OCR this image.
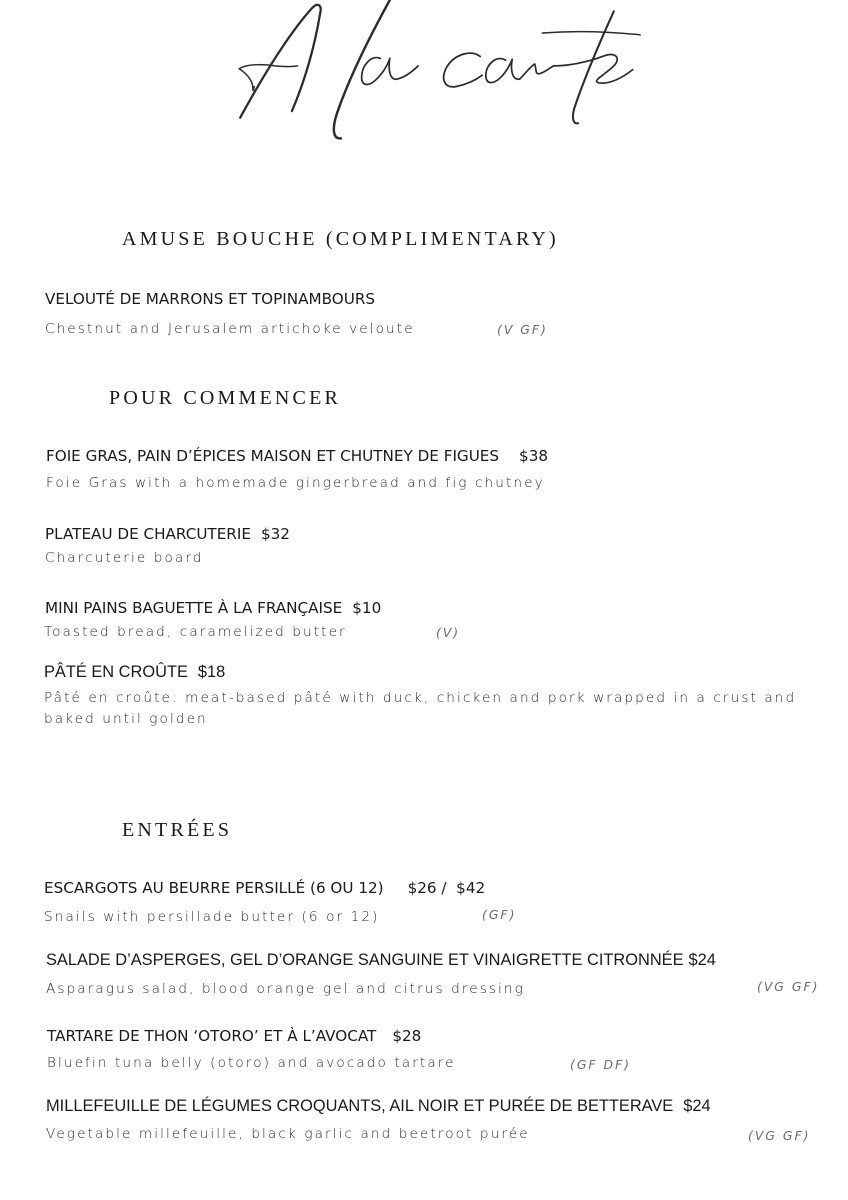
AMUSE BOUCHE (COMPLIMENTARY)
VELOUTÉ DE MARRONS ET TOPINAMBOURS
Chestnut and Jerusalem artichoke veloute	(V GF)
POUR COMMENCER
FOIE GRAS, PAIN D’ÉPICES MAISON ET CHUTNEY DE FIGUES $38
Foie Gras with a homemade gingerbread and fig chutney
PLATEAU DE CHARCUTERIE $32
Charcuterie board
MINI PAINS BAGUETTE À LA FRANÇAISE $10
Toasted bread, caramelized butter	(V)
PÂTÉ EN CROÛTE $18
Pâté en croûte: meat-based pâté with duck, chicken and pork wrapped in a crust and baked until golden
ENTRÉES
ESCARGOTS AU BEURRE PERSILLÉ (6 OU 12) $26 /  $42
Snails with persillade butter (6 or 12)	(GF)
SALADE D’ASPERGES, GEL D’ORANGE SANGUINE ET VINAIGRETTE CITRONNÉE $24
Asparagus salad, blood orange gel and citrus dressing	(VG GF)
TARTARE DE THON ‘OTORO’ ET À L’AVOCAT $28
Bluefin tuna belly (otoro) and avocado tartare	(GF DF)
MILLEFEUILLE DE LÉGUMES CROQUANTS, AIL NOIR ET PURÉE DE BETTERAVE $24
Vegetable millefeuille, black garlic and beetroot purée	(VG GF)
